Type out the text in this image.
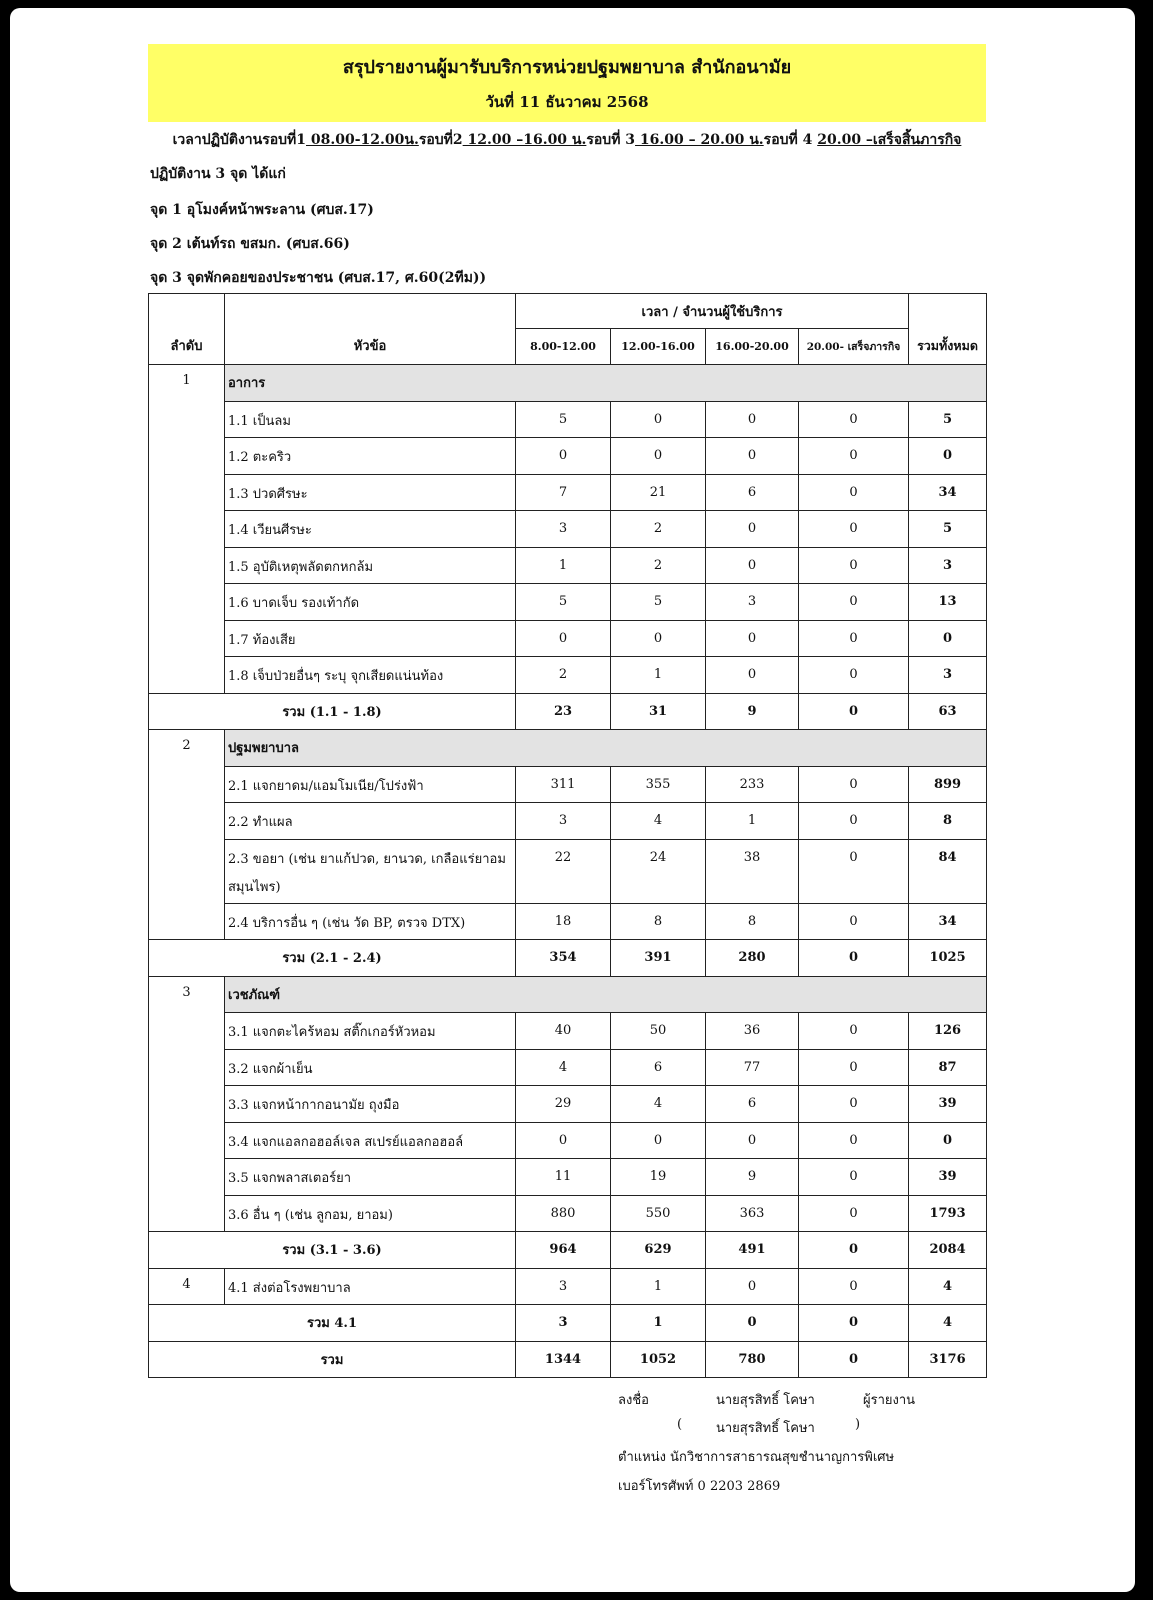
สรุปรายงานผู้มารับบริการหน่วยปฐมพยาบาล สำนักอนามัย
วันที่ 11 ธันวาคม 2568
เวลาปฏิบัติงานรอบที่1 08.00-12.00น.รอบที่2 12.00 –16.00 น.รอบที่ 3 16.00 – 20.00 น.รอบที่ 4 20.00 –เสร็จสิ้นภารกิจ
ปฏิบัติงาน 3 จุด ได้แก่
จุด 1 อุโมงค์หน้าพระลาน (ศบส.17)
จุด 2 เต้นท์รถ ขสมก. (ศบส.66)
จุด 3 จุดพักคอยของประชาชน (ศบส.17, ศ.60(2ทีม))
ลำดับ	หัวข้อ	เวลา / จำนวนผู้ใช้บริการ				รวมทั้งหมด
		8.00-12.00	12.00-16.00	16.00-20.00	20.00- เสร็จภารกิจ	
1	อาการ					
	1.1 เป็นลม	5	0	0	0	5
	1.2 ตะคริว	0	0	0	0	0
	1.3 ปวดศีรษะ	7	21	6	0	34
	1.4 เวียนศีรษะ	3	2	0	0	5
	1.5 อุบัติเหตุพลัดตกหกล้ม	1	2	0	0	3
	1.6 บาดเจ็บ รองเท้ากัด	5	5	3	0	13
	1.7 ท้องเสีย	0	0	0	0	0
	1.8 เจ็บป่วยอื่นๆ ระบุ จุกเสียดแน่นท้อง	2	1	0	0	3
รวม (1.1 - 1.8)		23	31	9	0	63
2	ปฐมพยาบาล					
	2.1 แจกยาดม/แอมโมเนีย/โปร่งฟ้า	311	355	233	0	899
	2.2 ทำแผล	3	4	1	0	8
	2.3 ขอยา (เช่น ยาแก้ปวด, ยานวด, เกลือแร่ยาอมสมุนไพร)	22	24	38	0	84
	2.4 บริการอื่น ๆ (เช่น วัด BP, ตรวจ DTX)	18	8	8	0	34
รวม (2.1 - 2.4)		354	391	280	0	1025
3	เวชภัณฑ์					
	3.1 แจกตะไคร้หอม สติ๊กเกอร์หัวหอม	40	50	36	0	126
	3.2 แจกผ้าเย็น	4	6	77	0	87
	3.3 แจกหน้ากากอนามัย ถุงมือ	29	4	6	0	39
	3.4 แจกแอลกอฮอล์เจล สเปรย์แอลกอฮอล์	0	0	0	0	0
	3.5 แจกพลาสเตอร์ยา	11	19	9	0	39
	3.6 อื่น ๆ (เช่น ลูกอม, ยาอม)	880	550	363	0	1793
รวม (3.1 - 3.6)		964	629	491	0	2084
4	4.1 ส่งต่อโรงพยาบาล	3	1	0	0	4
รวม 4.1		3	1	0	0	4
รวม		1344	1052	780	0	3176
ลงชื่อ	นายสุรสิทธิ์ โคษา	ผู้รายงาน
(	นายสุรสิทธิ์ โคษา	)
ตำแหน่ง นักวิชาการสาธารณสุขชำนาญการพิเศษ
เบอร์โทรศัพท์ 0 2203 2869
